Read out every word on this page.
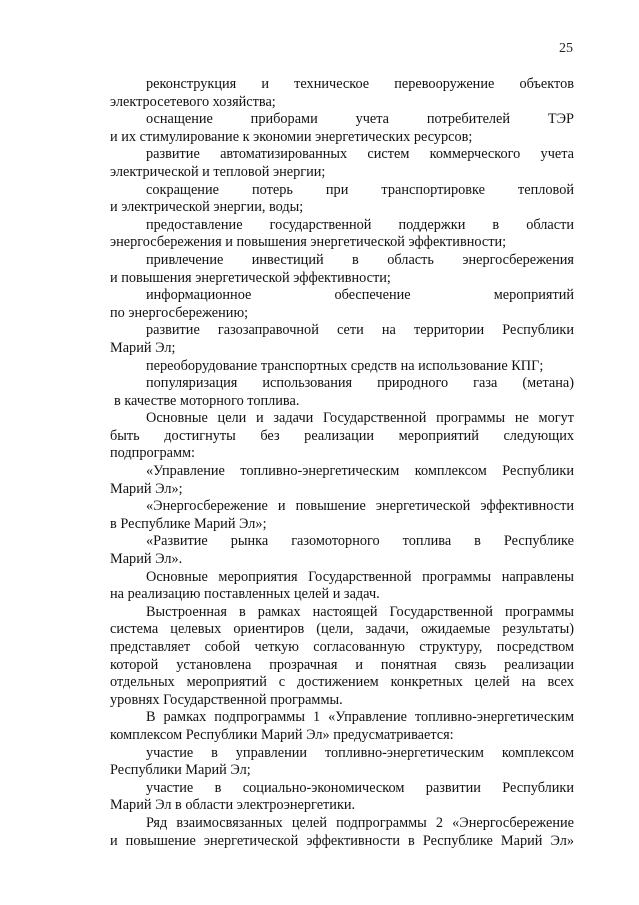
25
реконструкция и техническое перевооружение объектов
электросетевого хозяйства;
оснащение приборами учета потребителей ТЭР
и их стимулирование к экономии энергетических ресурсов;
развитие автоматизированных систем коммерческого учета
электрической и тепловой энергии;
сокращение потерь при транспортировке тепловой
и электрической энергии, воды;
предоставление государственной поддержки в области
энергосбережения и повышения энергетической эффективности;
привлечение инвестиций в область энергосбережения
и повышения энергетической эффективности;
информационное обеспечение мероприятий
по энергосбережению;
развитие газозаправочной сети на территории Республики
Марий Эл;
переоборудование транспортных средств на использование КПГ;
популяризация использования природного газа (метана)
в качестве моторного топлива.
Основные цели и задачи Государственной программы не могут
быть достигнуты без реализации мероприятий следующих
подпрограмм:
«Управление топливно-энергетическим комплексом Республики
Марий Эл»;
«Энергосбережение и повышение энергетической эффективности
в Республике Марий Эл»;
«Развитие рынка газомоторного топлива в Республике
Марий Эл».
Основные мероприятия Государственной программы направлены
на реализацию поставленных целей и задач.
Выстроенная в рамках настоящей Государственной программы
система целевых ориентиров (цели, задачи, ожидаемые результаты)
представляет собой четкую согласованную структуру, посредством
которой установлена прозрачная и понятная связь реализации
отдельных мероприятий с достижением конкретных целей на всех
уровнях Государственной программы.
В рамках подпрограммы 1 «Управление топливно-энергетическим
комплексом Республики Марий Эл» предусматривается:
участие в управлении топливно-энергетическим комплексом
Республики Марий Эл;
участие в социально-экономическом развитии Республики
Марий Эл в области электроэнергетики.
Ряд взаимосвязанных целей подпрограммы 2 «Энергосбережение
и повышение энергетической эффективности в Республике Марий Эл»
